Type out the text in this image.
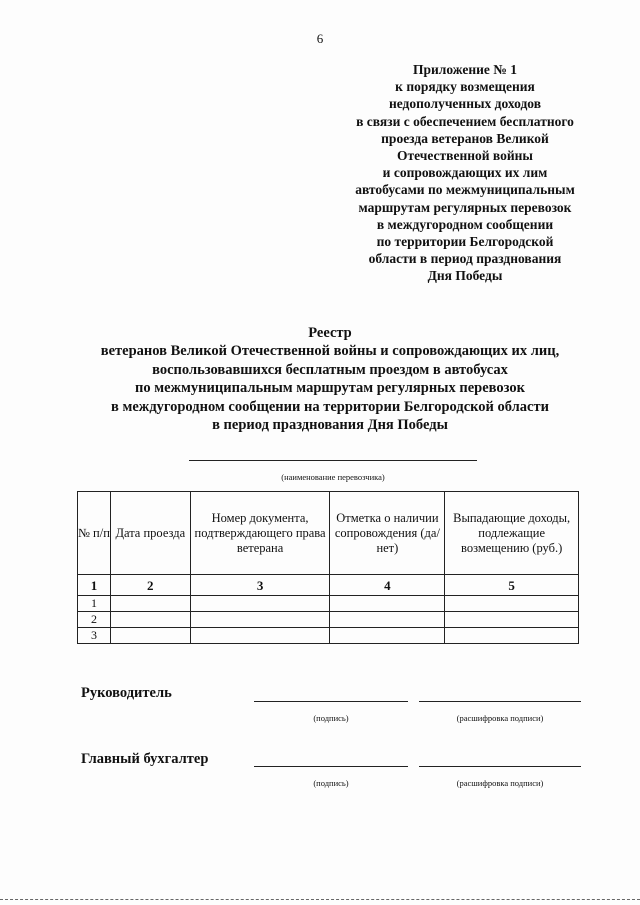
6
Приложение № 1
к порядку возмещения
недополученных доходов
в связи с обеспечением бесплатного
проезда ветеранов Великой
Отечественной войны
и сопровождающих их лим
автобусами по межмуниципальным
маршрутам регулярных перевозок
в междугородном сообщении
по территории Белгородской
области в период празднования
Дня Победы
Реестр
ветеранов Великой Отечественной войны и сопровождающих их лиц,
воспользовавшихся бесплатным проездом в автобусах
по межмуниципальным маршрутам регулярных перевозок
в междугородном сообщении на территории Белгородской области
в период празднования Дня Победы
(наименование перевозчика)
№ п/п	Дата проезда	Номер документа, подтверждающего права ветерана	Отметка о наличии сопровождения (да/нет)	Выпадающие доходы, подлежащие возмещению (руб.)
1	2	3	4	5
1				
2				
3				
Руководитель
(подпись)	(расшифровка подписи)
Главный бухгалтер
(подпись)	(расшифровка подписи)
